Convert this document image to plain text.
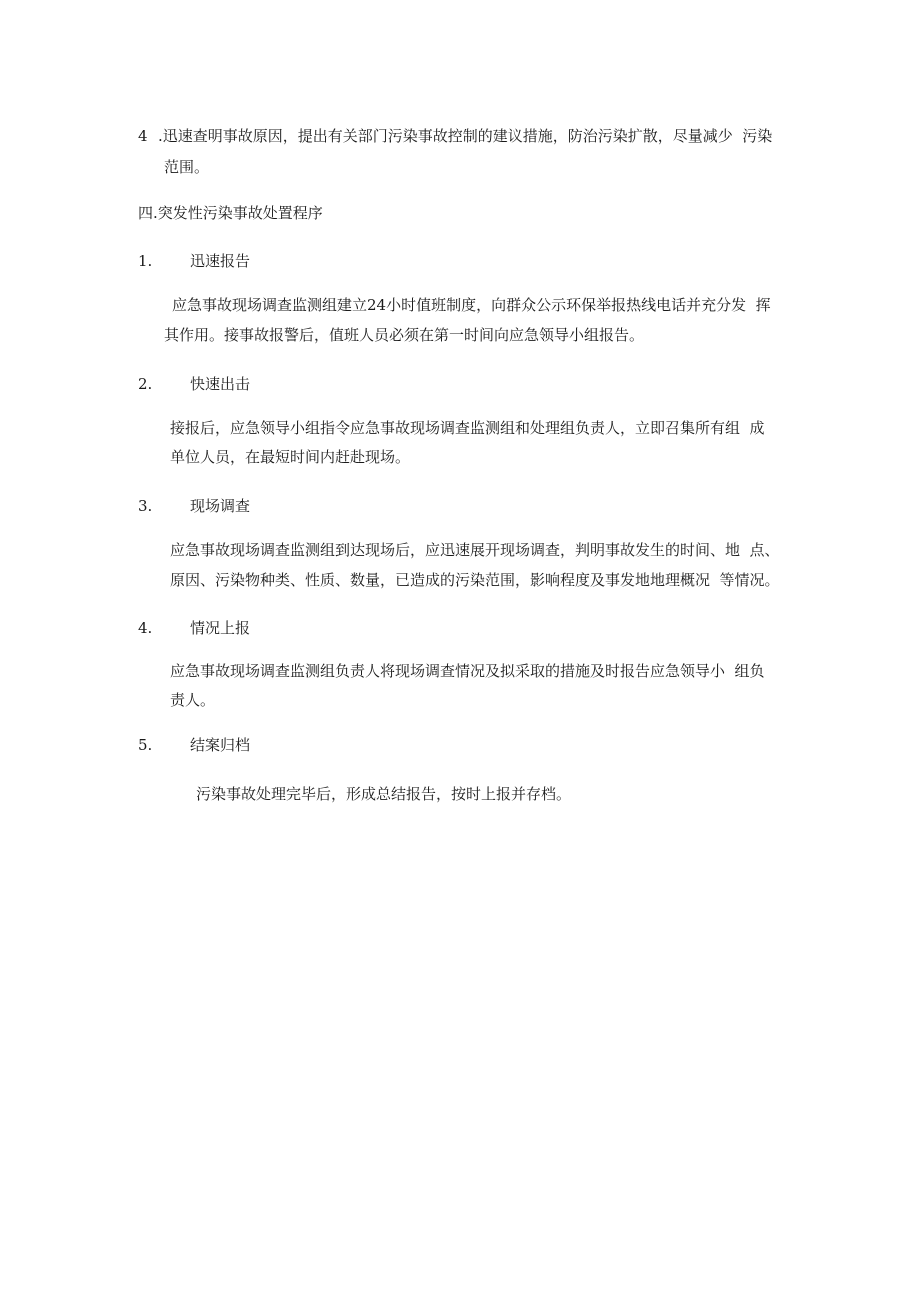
4 .迅速查明事故原因，提出有关部门污染事故控制的建议措施，防治污染扩散，尽量减少  污染
范围。
四.突发性污染事故处置程序
1.	迅速报告
应急事故现场调查监测组建立24小时值班制度，向群众公示环保举报热线电话并充分发  挥
其作用。接事故报警后，值班人员必须在第一时间向应急领导小组报告。
2.	快速出击
接报后，应急领导小组指令应急事故现场调查监测组和处理组负责人，立即召集所有组  成
单位人员，在最短时间内赶赴现场。
3.	现场调查
应急事故现场调查监测组到达现场后，应迅速展开现场调查，判明事故发生的时间、地  点、
原因、污染物种类、性质、数量，已造成的污染范围，影响程度及事发地地理概况  等情况。
4.	情况上报
应急事故现场调查监测组负责人将现场调查情况及拟采取的措施及时报告应急领导小  组负
责人。
5.	结案归档
污染事故处理完毕后，形成总结报告，按时上报并存档。
